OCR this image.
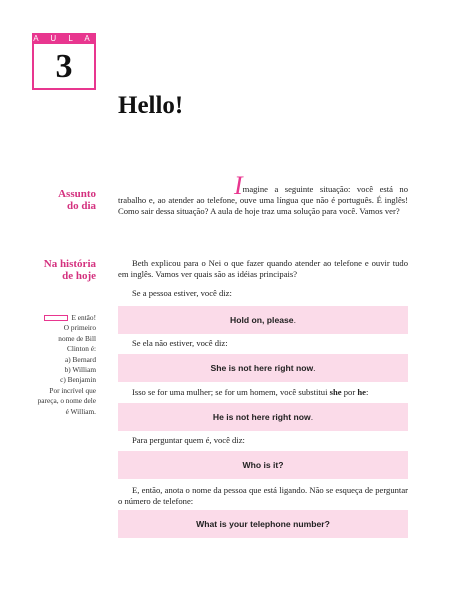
A U L A
3
Hello!
Assunto
do dia
Imagine a seguinte situação: você está no trabalho e, ao atender ao telefone, ouve uma língua que não é português. É inglês! Como sair dessa situação? A aula de hoje traz uma solução para você. Vamos ver?
Na história
de hoje
Beth explicou para o Nei o que fazer quando atender ao telefone e ouvir tudo em inglês. Vamos ver quais são as idéias principais?
Se a pessoa estiver, você diz:
Hold on, please .
Se ela não estiver, você diz:
She is not here right now .
Isso se for uma mulher; se for um homem, você substitui she por he:
He is not here right now .
Para perguntar quem é, você diz:
Who is it?
E, então, anota o nome da pessoa que está ligando. Não se esqueça de perguntar o número de telefone:
What is your telephone number?
E então!
O primeiro
nome de Bill
Clinton é:
a) Bernard
b) William
c) Benjamin
Por incrível que
pareça, o nome dele
é William.
